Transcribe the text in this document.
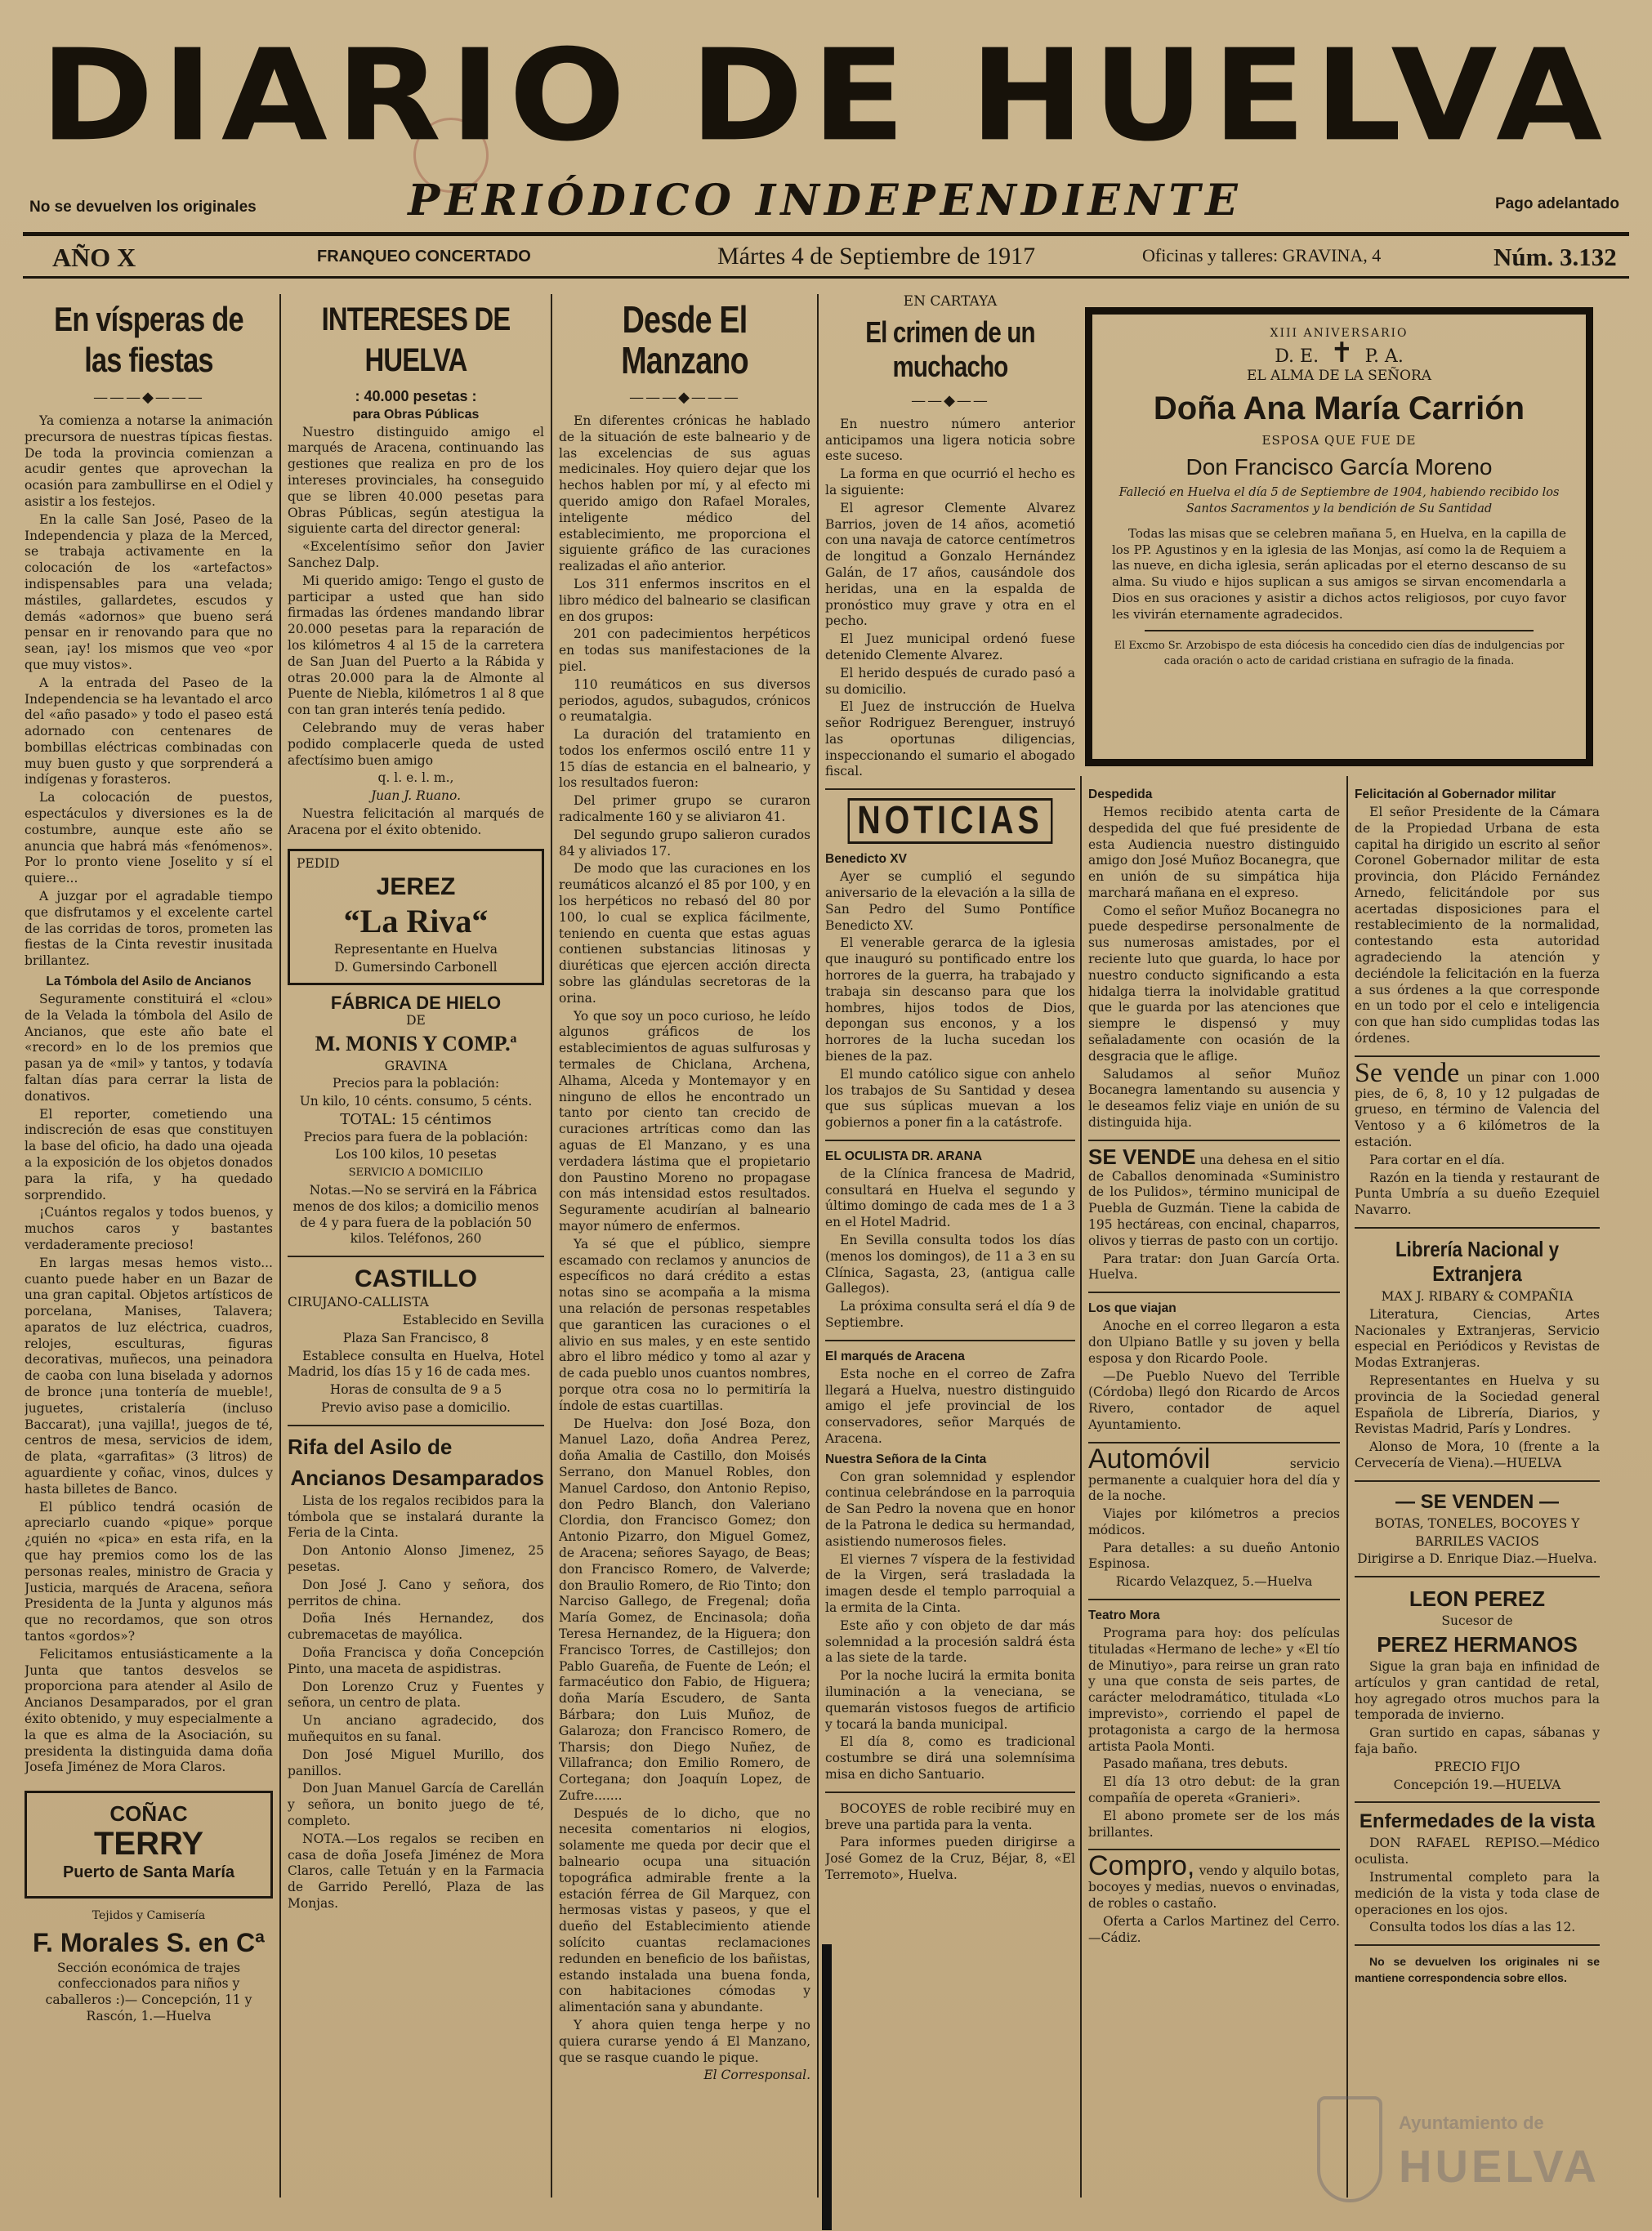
DIARIO DE HUELVA
PERIÓDICO INDEPENDIENTE
No se devuelven los originales	Pago adelantado
AÑO X	FRANQUEO CONCERTADO	Mártes 4 de Septiembre de 1917	Oficinas y talleres: GRAVINA, 4	Núm. 3.132
En vísperas de las fiestas
———◆———

Ya comienza a notarse la animación precursora de nuestras típicas fiestas. De toda la provincia comienzan a acudir gentes que aprovechan la ocasión para zambullirse en el Odiel y asistir a los festejos.

En la calle San José, Paseo de la Independencia y plaza de la Merced, se trabaja activamente en la colocación de los «artefactos» indispensables para una velada; mástiles, gallardetes, escudos y demás «adornos» que bueno será pensar en ir renovando para que no sean, ¡ay! los mismos que veo «por que muy vistos».

A la entrada del Paseo de la Independencia se ha levantado el arco del «año pasado» y todo el paseo está adornado con centenares de bombillas eléctricas combinadas con muy buen gusto y que sorprenderá a indígenas y forasteros.

La colocación de puestos, espectáculos y diversiones es la de costumbre, aunque este año se anuncia que habrá más «fenómenos». Por lo pronto viene Joselito y sí el quiere...

A juzgar por el agradable tiempo que disfrutamos y el excelente cartel de las corridas de toros, prometen las fiestas de la Cinta revestir inusitada brillantez.

La Tómbola del Asilo de Ancianos

Seguramente constituirá el «clou» de la Velada la tómbola del Asilo de Ancianos, que este año bate el «record» en lo de los premios que pasan ya de «mil» y tantos, y todavía faltan días para cerrar la lista de donativos.

El reporter, cometiendo una indiscreción de esas que constituyen la base del oficio, ha dado una ojeada a la exposición de los objetos donados para la rifa, y ha quedado sorprendido.

¡Cuántos regalos y todos buenos, y muchos caros y bastantes verdaderamente precioso!

En largas mesas hemos visto... cuanto puede haber en un Bazar de una gran capital. Objetos artísticos de porcelana, Manises, Talavera; aparatos de luz eléctrica, cuadros, relojes, esculturas, figuras decorativas, muñecos, una peinadora de caoba con luna biselada y adornos de bronce ¡una tontería de mueble!, juguetes, cristalería (incluso Baccarat), ¡una vajilla!, juegos de té, centros de mesa, servicios de idem, de plata, «garrafitas» (3 litros) de aguardiente y coñac, vinos, dulces y hasta billetes de Banco.

El público tendrá ocasión de apreciarlo cuando «pique» porque ¿quién no «pica» en esta rifa, en la que hay premios como los de las personas reales, ministro de Gracia y Justicia, marqués de Aracena, señora Presidenta de la Junta y algunos más que no recordamos, que son otros tantos «gordos»?

Felicitamos entusiásticamente a la Junta que tantos desvelos se proporciona para atender al Asilo de Ancianos Desamparados, por el gran éxito obtenido, y muy especialmente a la que es alma de la Asociación, su presidenta la distinguida dama doña Josefa Jiménez de Mora Claros.

COÑAC

TERRY

Puerto de Santa María

Tejidos y Camisería

F. Morales S. en Cª

Sección económica de trajes confeccionados para niños y caballeros :)— Concepción, 11 y Rascón, 1.—Huelva

INTERESES DE HUELVA

: 40.000 pesetas :

para Obras Públicas

Nuestro distinguido amigo el marqués de Aracena, continuando las gestiones que realiza en pro de los intereses provinciales, ha conseguido que se libren 40.000 pesetas para Obras Públicas, según atestigua la siguiente carta del director general:

«Excelentísimo señor don Javier Sanchez Dalp.

Mi querido amigo: Tengo el gusto de participar a usted que han sido firmadas las órdenes mandando librar 20.000 pesetas para la reparación de los kilómetros 4 al 15 de la carretera de San Juan del Puerto a la Rábida y otras 20.000 para la de Almonte al Puente de Niebla, kilómetros 1 al 8 que con tan gran interés tenía pedido.

Celebrando muy de veras haber podido complacerle queda de usted afectísimo buen amigo

q. l. e. l. m.,

Juan J. Ruano.

Nuestra felicitación al marqués de Aracena por el éxito obtenido.

PEDID

JEREZ

“La Riva“

Representante en Huelva

D. Gumersindo Carbonell

FÁBRICA DE HIELO

DE

M. MONIS Y COMP.ª

GRAVINA

Precios para la población:

Un kilo, 10 cénts. consumo, 5 cénts.

TOTAL: 15 céntimos

Precios para fuera de la población:

Los 100 kilos, 10 pesetas

SERVICIO A DOMICILIO

Notas.—No se servirá en la Fábrica menos de dos kilos; a domicilio menos de 4 y para fuera de la población 50 kilos. Teléfonos, 260

CASTILLO

CIRUJANO-CALLISTA

Establecido en Sevilla

Plaza San Francisco, 8

Establece consulta en Huelva, Hotel Madrid, los días 15 y 16 de cada mes.

Horas de consulta de 9 a 5

Previo aviso pase a domicilio.

Rifa del Asilo de
Ancianos Desamparados

Lista de los regalos recibidos para la tómbola que se instalará durante la Feria de la Cinta.

Don Antonio Alonso Jimenez, 25 pesetas.

Don José J. Cano y señora, dos perritos de china.

Doña Inés Hernandez, dos cubremacetas de mayólica.

Doña Francisca y doña Concepción Pinto, una maceta de aspidistras.

Don Lorenzo Cruz y Fuentes y señora, un centro de plata.

Un anciano agradecido, dos muñequitos en su fanal.

Don José Miguel Murillo, dos panillos.

Don Juan Manuel García de Carellán y señora, un bonito juego de té, completo.

NOTA.—Los regalos se reciben en casa de doña Josefa Jiménez de Mora Claros, calle Tetuán y en la Farmacia de Garrido Perelló, Plaza de las Monjas.

Desde El Manzano
———◆———

En diferentes crónicas he hablado de la situación de este balneario y de las excelencias de sus aguas medicinales. Hoy quiero dejar que los hechos hablen por mí, y al efecto mi querido amigo don Rafael Morales, inteligente médico del establecimiento, me proporciona el siguiente gráfico de las curaciones realizadas el año anterior.

Los 311 enfermos inscritos en el libro médico del balneario se clasifican en dos grupos:

201 con padecimientos herpéticos en todas sus manifestaciones de la piel.

110 reumáticos en sus diversos periodos, agudos, subagudos, crónicos o reumatalgia.

La duración del tratamiento en todos los enfermos osciló entre 11 y 15 días de estancia en el balneario, y los resultados fueron:

Del primer grupo se curaron radicalmente 160 y se aliviaron 41.

Del segundo grupo salieron curados 84 y aliviados 17.

De modo que las curaciones en los reumáticos alcanzó el 85 por 100, y en los herpéticos no rebasó del 80 por 100, lo cual se explica fácilmente, teniendo en cuenta que estas aguas contienen substancias litinosas y diuréticas que ejercen acción directa sobre las glándulas secretoras de la orina.

Yo que soy un poco curioso, he leído algunos gráficos de los establecimientos de aguas sulfurosas y termales de Chiclana, Archena, Alhama, Alceda y Montemayor y en ninguno de ellos he encontrado un tanto por ciento tan crecido de curaciones artríticas como dan las aguas de El Manzano, y es una verdadera lástima que el propietario don Paustino Moreno no propagase con más intensidad estos resultados. Seguramente acudirían al balneario mayor número de enfermos.

Ya sé que el público, siempre escamado con reclamos y anuncios de específicos no dará crédito a estas notas sino se acompaña a la misma una relación de personas respetables que garanticen las curaciones o el alivio en sus males, y en este sentido abro el libro médico y tomo al azar y de cada pueblo unos cuantos nombres, porque otra cosa no lo permitiría la índole de estas cuartillas.

De Huelva: don José Boza, don Manuel Lazo, doña Andrea Perez, doña Amalia de Castillo, don Moisés Serrano, don Manuel Robles, don Manuel Cardoso, don Antonio Repiso, don Pedro Blanch, don Valeriano Clordia, don Francisco Gomez; don Antonio Pizarro, don Miguel Gomez, de Aracena; señores Sayago, de Beas; don Francisco Romero, de Valverde; don Braulio Romero, de Rio Tinto; don Narciso Gallego, de Fregenal; doña María Gomez, de Encinasola; doña Teresa Hernandez, de la Higuera; don Francisco Torres, de Castillejos; don Pablo Guareña, de Fuente de León; el farmacéutico don Fabio, de Higuera; doña María Escudero, de Santa Bárbara; don Luis Muñoz, de Galaroza; don Francisco Romero, de Tharsis; don Diego Nuñez, de Villafranca; don Emilio Romero, de Cortegana; don Joaquín Lopez, de Zufre.......

Después de lo dicho, que no necesita comentarios ni elogios, solamente me queda por decir que el balneario ocupa una situación topográfica admirable frente a la estación férrea de Gil Marquez, con hermosas vistas y paseos, y que el dueño del Establecimiento atiende solícito cuantas reclamaciones redunden en beneficio de los bañistas, estando instalada una buena fonda, con habitaciones cómodas y alimentación sana y abundante.

Y ahora quien tenga herpe y no quiera curarse yendo á El Manzano, que se rasque cuando le pique.

El Corresponsal.

EN CARTAYA

El crimen de un muchacho
——◆——

En nuestro número anterior anticipamos una ligera noticia sobre este suceso.

La forma en que ocurrió el hecho es la siguiente:

El agresor Clemente Alvarez Barrios, joven de 14 años, acometió con una navaja de catorce centímetros de longitud a Gonzalo Hernández Galán, de 17 años, causándole dos heridas, una en la espalda de pronóstico muy grave y otra en el pecho.

El Juez municipal ordenó fuese detenido Clemente Alvarez.

El herido después de curado pasó a su domicilio.

El Juez de instrucción de Huelva señor Rodriguez Berenguer, instruyó las oportunas diligencias, inspeccionando el sumario el abogado fiscal.

NOTICIAS
Benedicto XV

Ayer se cumplió el segundo aniversario de la elevación a la silla de San Pedro del Sumo Pontífice Benedicto XV.

El venerable gerarca de la iglesia que inauguró su pontificado entre los horrores de la guerra, ha trabajado y trabaja sin descanso para que los hombres, hijos todos de Dios, depongan sus enconos, y a los horrores de la lucha sucedan los bienes de la paz.

El mundo católico sigue con anhelo los trabajos de Su Santidad y desea que sus súplicas muevan a los gobiernos a poner fin a la catástrofe.

EL OCULISTA DR. ARANA

de la Clínica francesa de Madrid, consultará en Huelva el segundo y último domingo de cada mes de 1 a 3 en el Hotel Madrid.

En Sevilla consulta todos los días (menos los domingos), de 11 a 3 en su Clínica, Sagasta, 23, (antigua calle Gallegos).

La próxima consulta será el día 9 de Septiembre.

El marqués de Aracena

Esta noche en el correo de Zafra llegará a Huelva, nuestro distinguido amigo el jefe provincial de los conservadores, señor Marqués de Aracena.

Nuestra Señora de la Cinta

Con gran solemnidad y esplendor continua celebrándose en la parroquia de San Pedro la novena que en honor de la Patrona le dedica su hermandad, asistiendo numerosos fieles.

El viernes 7 víspera de la festividad de la Virgen, será trasladada la imagen desde el templo parroquial a la ermita de la Cinta.

Este año y con objeto de dar más solemnidad a la procesión saldrá ésta a las siete de la tarde.

Por la noche lucirá la ermita bonita iluminación a la veneciana, se quemarán vistosos fuegos de artificio y tocará la banda municipal.

El día 8, como es tradicional costumbre se dirá una solemnísima misa en dicho Santuario.

BOCOYES de roble recibiré muy en breve una partida para la venta.

Para informes pueden dirigirse a José Gomez de la Cruz, Béjar, 8, «El Terremoto», Huelva.

XIII ANIVERSARIO

D. E. ✝ P. A.

EL ALMA DE LA SEÑORA

Doña Ana María Carrión

ESPOSA QUE FUE DE

Don Francisco García Moreno

Falleció en Huelva el día 5 de Septiembre de 1904, habiendo recibido los Santos Sacramentos y la bendición de Su Santidad

Todas las misas que se celebren mañana 5, en Huelva, en la capilla de los PP. Agustinos y en la iglesia de las Monjas, así como la de Requiem a las nueve, en dicha iglesia, serán aplicadas por el eterno descanso de su alma. Su viudo e hijos suplican a sus amigos se sirvan encomendarla a Dios en sus oraciones y asistir a dichos actos religiosos, por cuyo favor les vivirán eternamente agradecidos.

El Excmo Sr. Arzobispo de esta diócesis ha concedido cien días de indulgencias por cada oración o acto de caridad cristiana en sufragio de la finada.

Despedida

Hemos recibido atenta carta de despedida del que fué presidente de esta Audiencia nuestro distinguido amigo don José Muñoz Bocanegra, que en unión de su simpática hija marchará mañana en el expreso.

Como el señor Muñoz Bocanegra no puede despedirse personalmente de sus numerosas amistades, por el reciente luto que guarda, lo hace por nuestro conducto significando a esta hidalga tierra la inolvidable gratitud que le guarda por las atenciones que siempre le dispensó y muy señaladamente con ocasión de la desgracia que le aflige.

Saludamos al señor Muñoz Bocanegra lamentando su ausencia y le deseamos feliz viaje en unión de su distinguida hija.

SE VENDE una dehesa en el sitio de Caballos denominada «Suministro de los Pulidos», término municipal de Puebla de Guzmán. Tiene la cabida de 195 hectáreas, con encinal, chaparros, olivos y tierras de pasto con un cortijo.

Para tratar: don Juan García Orta. Huelva.

Los que viajan

Anoche en el correo llegaron a esta don Ulpiano Batlle y su joven y bella esposa y don Ricardo Poole.

—De Pueblo Nuevo del Terrible (Córdoba) llegó don Ricardo de Arcos Rivero, contador de aquel Ayuntamiento.

Automóvil	servicio permanente a cualquier hora del día y de la noche.

Viajes por kilómetros a precios módicos.

Para detalles: a su dueño Antonio Espinosa.

Ricardo Velazquez, 5.—Huelva

Teatro Mora

Programa para hoy: dos películas tituladas «Hermano de leche» y «El tío de Minutiyo», para reirse un gran rato y una que consta de seis partes, de carácter melodramático, titulada «Lo imprevisto», corriendo el papel de protagonista a cargo de la hermosa artista Paola Monti.

Pasado mañana, tres debuts.

El día 13 otro debut: de la gran compañía de opereta «Granieri».

El abono promete ser de los más brillantes.

Compro, vendo y alquilo botas, bocoyes y medias, nuevos o envinadas, de robles o castaño.

Oferta a Carlos Martinez del Cerro. —Cádiz.

Felicitación al Gobernador militar

El señor Presidente de la Cámara de la Propiedad Urbana de esta capital ha dirigido un escrito al señor Coronel Gobernador militar de esta provincia, don Plácido Fernández Arnedo, felicitándole por sus acertadas disposiciones para el restablecimiento de la normalidad, contestando esta autoridad agradeciendo la atención y deciéndole la felicitación en la fuerza a sus órdenes a la que corresponde en un todo por el celo e inteligencia con que han sido cumplidas todas las órdenes.

Se vende un pinar con 1.000 pies, de 6, 8, 10 y 12 pulgadas de grueso, en término de Valencia del Ventoso y a 6 kilómetros de la estación.

Para cortar en el día.

Razón en la tienda y restaurant de Punta Umbría a su dueño Ezequiel Navarro.

Librería Nacional y Extranjera

MAX J. RIBARY & COMPAÑIA

Literatura, Ciencias, Artes Nacionales y Extranjeras, Servicio especial en Periódicos y Revistas de Modas Extranjeras.

Representantes en Huelva y su provincia de la Sociedad general Española de Librería, Diarios, y Revistas Madrid, París y Londres.

Alonso de Mora, 10 (frente a la Cervecería de Viena).—HUELVA

— SE VENDEN —

BOTAS, TONELES, BOCOYES Y

BARRILES VACIOS

Dirigirse a D. Enrique Diaz.—Huelva.

LEON PEREZ

Sucesor de

PEREZ HERMANOS

Sigue la gran baja en infinidad de artículos y gran cantidad de retal, hoy agregado otros muchos para la temporada de invierno.

Gran surtido en capas, sábanas y faja baño.

PRECIO FIJO

Concepción 19.—HUELVA

Enfermedades de la vista

DON RAFAEL REPISO.—Médico oculista.

Instrumental completo para la medición de la vista y toda clase de operaciones en los ojos.

Consulta todos los días a las 12.

No se devuelven los originales ni se mantiene correspondencia sobre ellos.

Ayuntamiento de
HUELVA
